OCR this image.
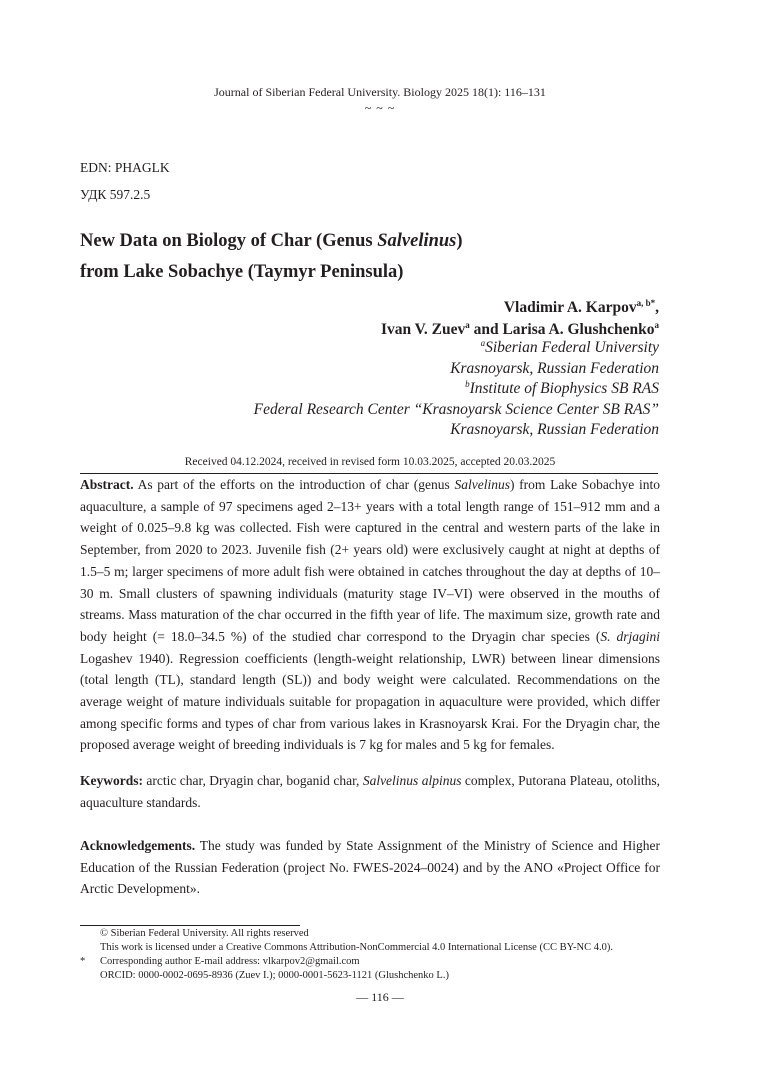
Journal of Siberian Federal University. Biology 2025 18(1): 116–131
~ ~ ~
EDN: PHAGLK
УДК 597.2.5
New Data on Biology of Char (Genus Salvelinus)
from Lake Sobachye (Taymyr Peninsula)
Vladimir A. Karpov$^{a, b*}$,
Ivan V. Zuev$^a$ and Larisa A. Glushchenko$^a$
$^a$Siberian Federal University
Krasnoyarsk, Russian Federation
$^b$Institute of Biophysics SB RAS
Federal Research Center “Krasnoyarsk Science Center SB RAS”
Krasnoyarsk, Russian Federation
Received 04.12.2024, received in revised form 10.03.2025, accepted 20.03.2025
Abstract. As part of the efforts on the introduction of char (genus Salvelinus) from Lake Sobachye into aquaculture, a sample of 97 specimens aged 2–13+ years with a total length range of 151–912 mm and a weight of 0.025–9.8 kg was collected. Fish were captured in the central and western parts of the lake in September, from 2020 to 2023. Juvenile fish (2+ years old) were exclusively caught at night at depths of 1.5–5 m; larger specimens of more adult fish were obtained in catches throughout the day at depths of 10–30 m. Small clusters of spawning individuals (maturity stage IV–VI) were observed in the mouths of streams. Mass maturation of the char occurred in the fifth year of life. The maximum size, growth rate and body height (= 18.0–34.5 %) of the studied char correspond to the Dryagin char species (S. drjagini Logashev 1940). Regression coefficients (length-weight relationship, LWR) between linear dimensions (total length (TL), standard length (SL)) and body weight were calculated. Recommendations on the average weight of mature individuals suitable for propagation in aquaculture were provided, which differ among specific forms and types of char from various lakes in Krasnoyarsk Krai. For the Dryagin char, the proposed average weight of breeding individuals is 7 kg for males and 5 kg for females.
Keywords: arctic char, Dryagin char, boganid char, Salvelinus alpinus complex, Putorana Plateau, otoliths, aquaculture standards.
Acknowledgements. The study was funded by State Assignment of the Ministry of Science and Higher Education of the Russian Federation (project No. FWES-2024–0024) and by the ANO «Project Office for Arctic Development».
© Siberian Federal University. All rights reserved
This work is licensed under a Creative Commons Attribution-NonCommercial 4.0 International License (CC BY-NC 4.0).
* Corresponding author E-mail address: vlkarpov2@gmail.com
ORCID: 0000-0002-0695-8936 (Zuev I.); 0000-0001-5623-1121 (Glushchenko L.)
— 116 —
